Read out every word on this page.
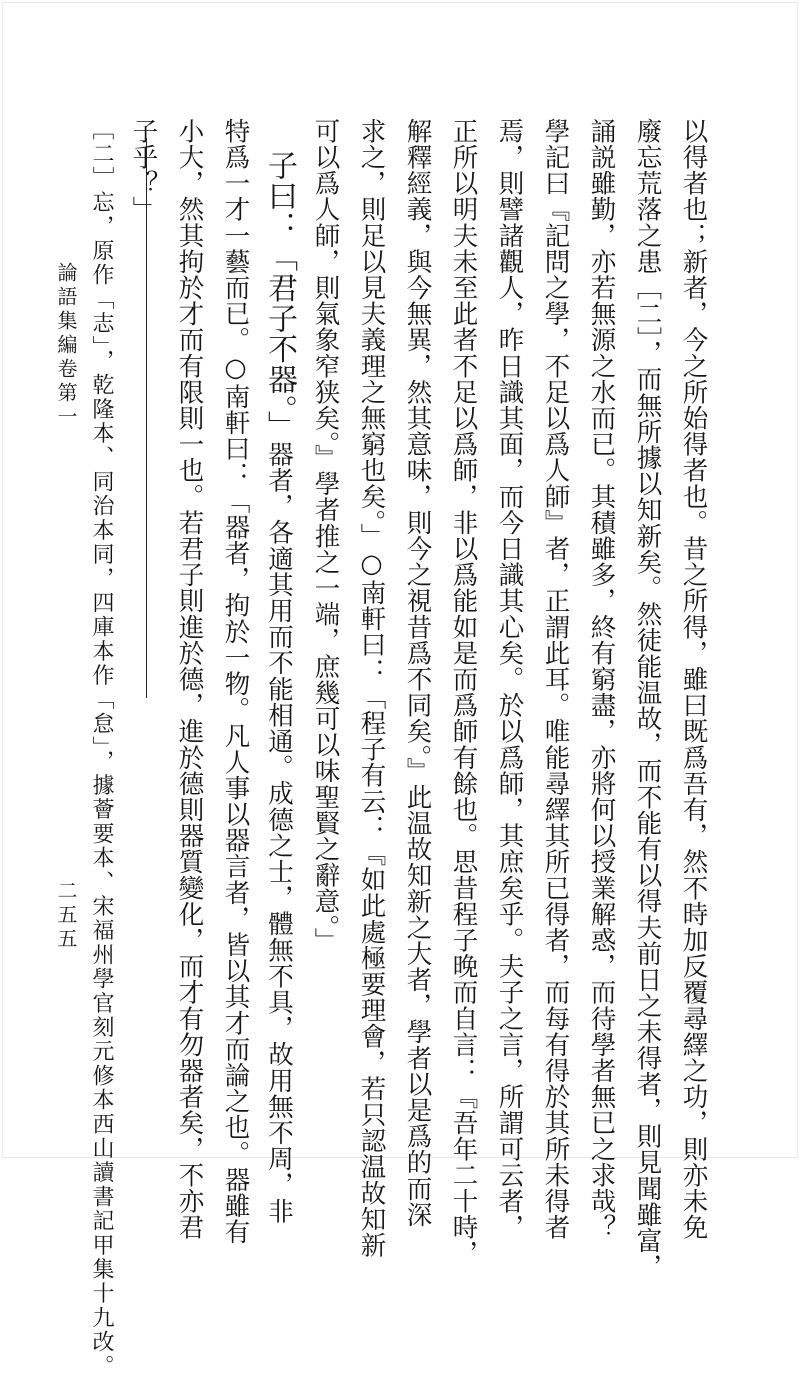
以得者也；新者，今之所始得者也。昔之所得，雖曰既爲吾有，然不時加反覆尋繹之功，則亦未免

廢忘荒落之患［二］，而無所據以知新矣。然徒能温故，而不能有以得夫前日之未得者，則見聞雖富，

誦説雖勤，亦若無源之水而已。其積雖多，終有窮盡，亦將何以授業解惑，而待學者無已之求哉？

學記曰『記問之學，不足以爲人師』者，正謂此耳。唯能尋繹其所已得者，而每有得於其所未得者

焉，則譬諸觀人，昨日識其面，而今日識其心矣。於以爲師，其庶矣乎。夫子之言，所謂可云者，

正所以明夫未至此者不足以爲師，非以爲能如是而爲師有餘也。思昔程子晚而自言：『吾年二十時，

解釋經義，與今無異，然其意味，則今之視昔爲不同矣。』此温故知新之大者，學者以是爲的而深

求之，則足以見夫義理之無窮也矣。」○南軒曰：「程子有云：『如此處極要理會，若只認温故知新

可以爲人師，則氣象窄狭矣。』學者推之一端，庶幾可以味聖賢之辭意。」

子曰：「君子不器。」器者，各適其用而不能相通。成德之士，體無不具，故用無不周，非

特爲一才一藝而已。○南軒曰：「器者，拘於一物。凡人事以器言者，皆以其才而論之也。器雖有

小大，然其拘於才而有限則一也。若君子則進於德，進於德則器質變化，而才有勿器者矣，不亦君

子乎？」

［二］忘，原作「志」，乾隆本、同治本同，四庫本作「怠」，據薈要本、宋福州學官刻元修本西山讀書記甲集十九改。

論語集編卷第一

二五五
